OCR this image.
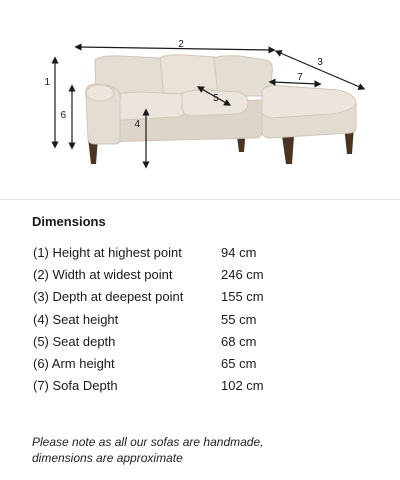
1
2
3
4
5
6
7
Dimensions
(1) Height at highest point	94 cm
(2) Width at widest point	246 cm
(3) Depth at deepest point	155 cm
(4) Seat height	55 cm
(5) Seat depth	68 cm
(6) Arm height	65 cm
(7) Sofa Depth	102 cm
Please note as all our sofas are handmade,
dimensions are approximate
